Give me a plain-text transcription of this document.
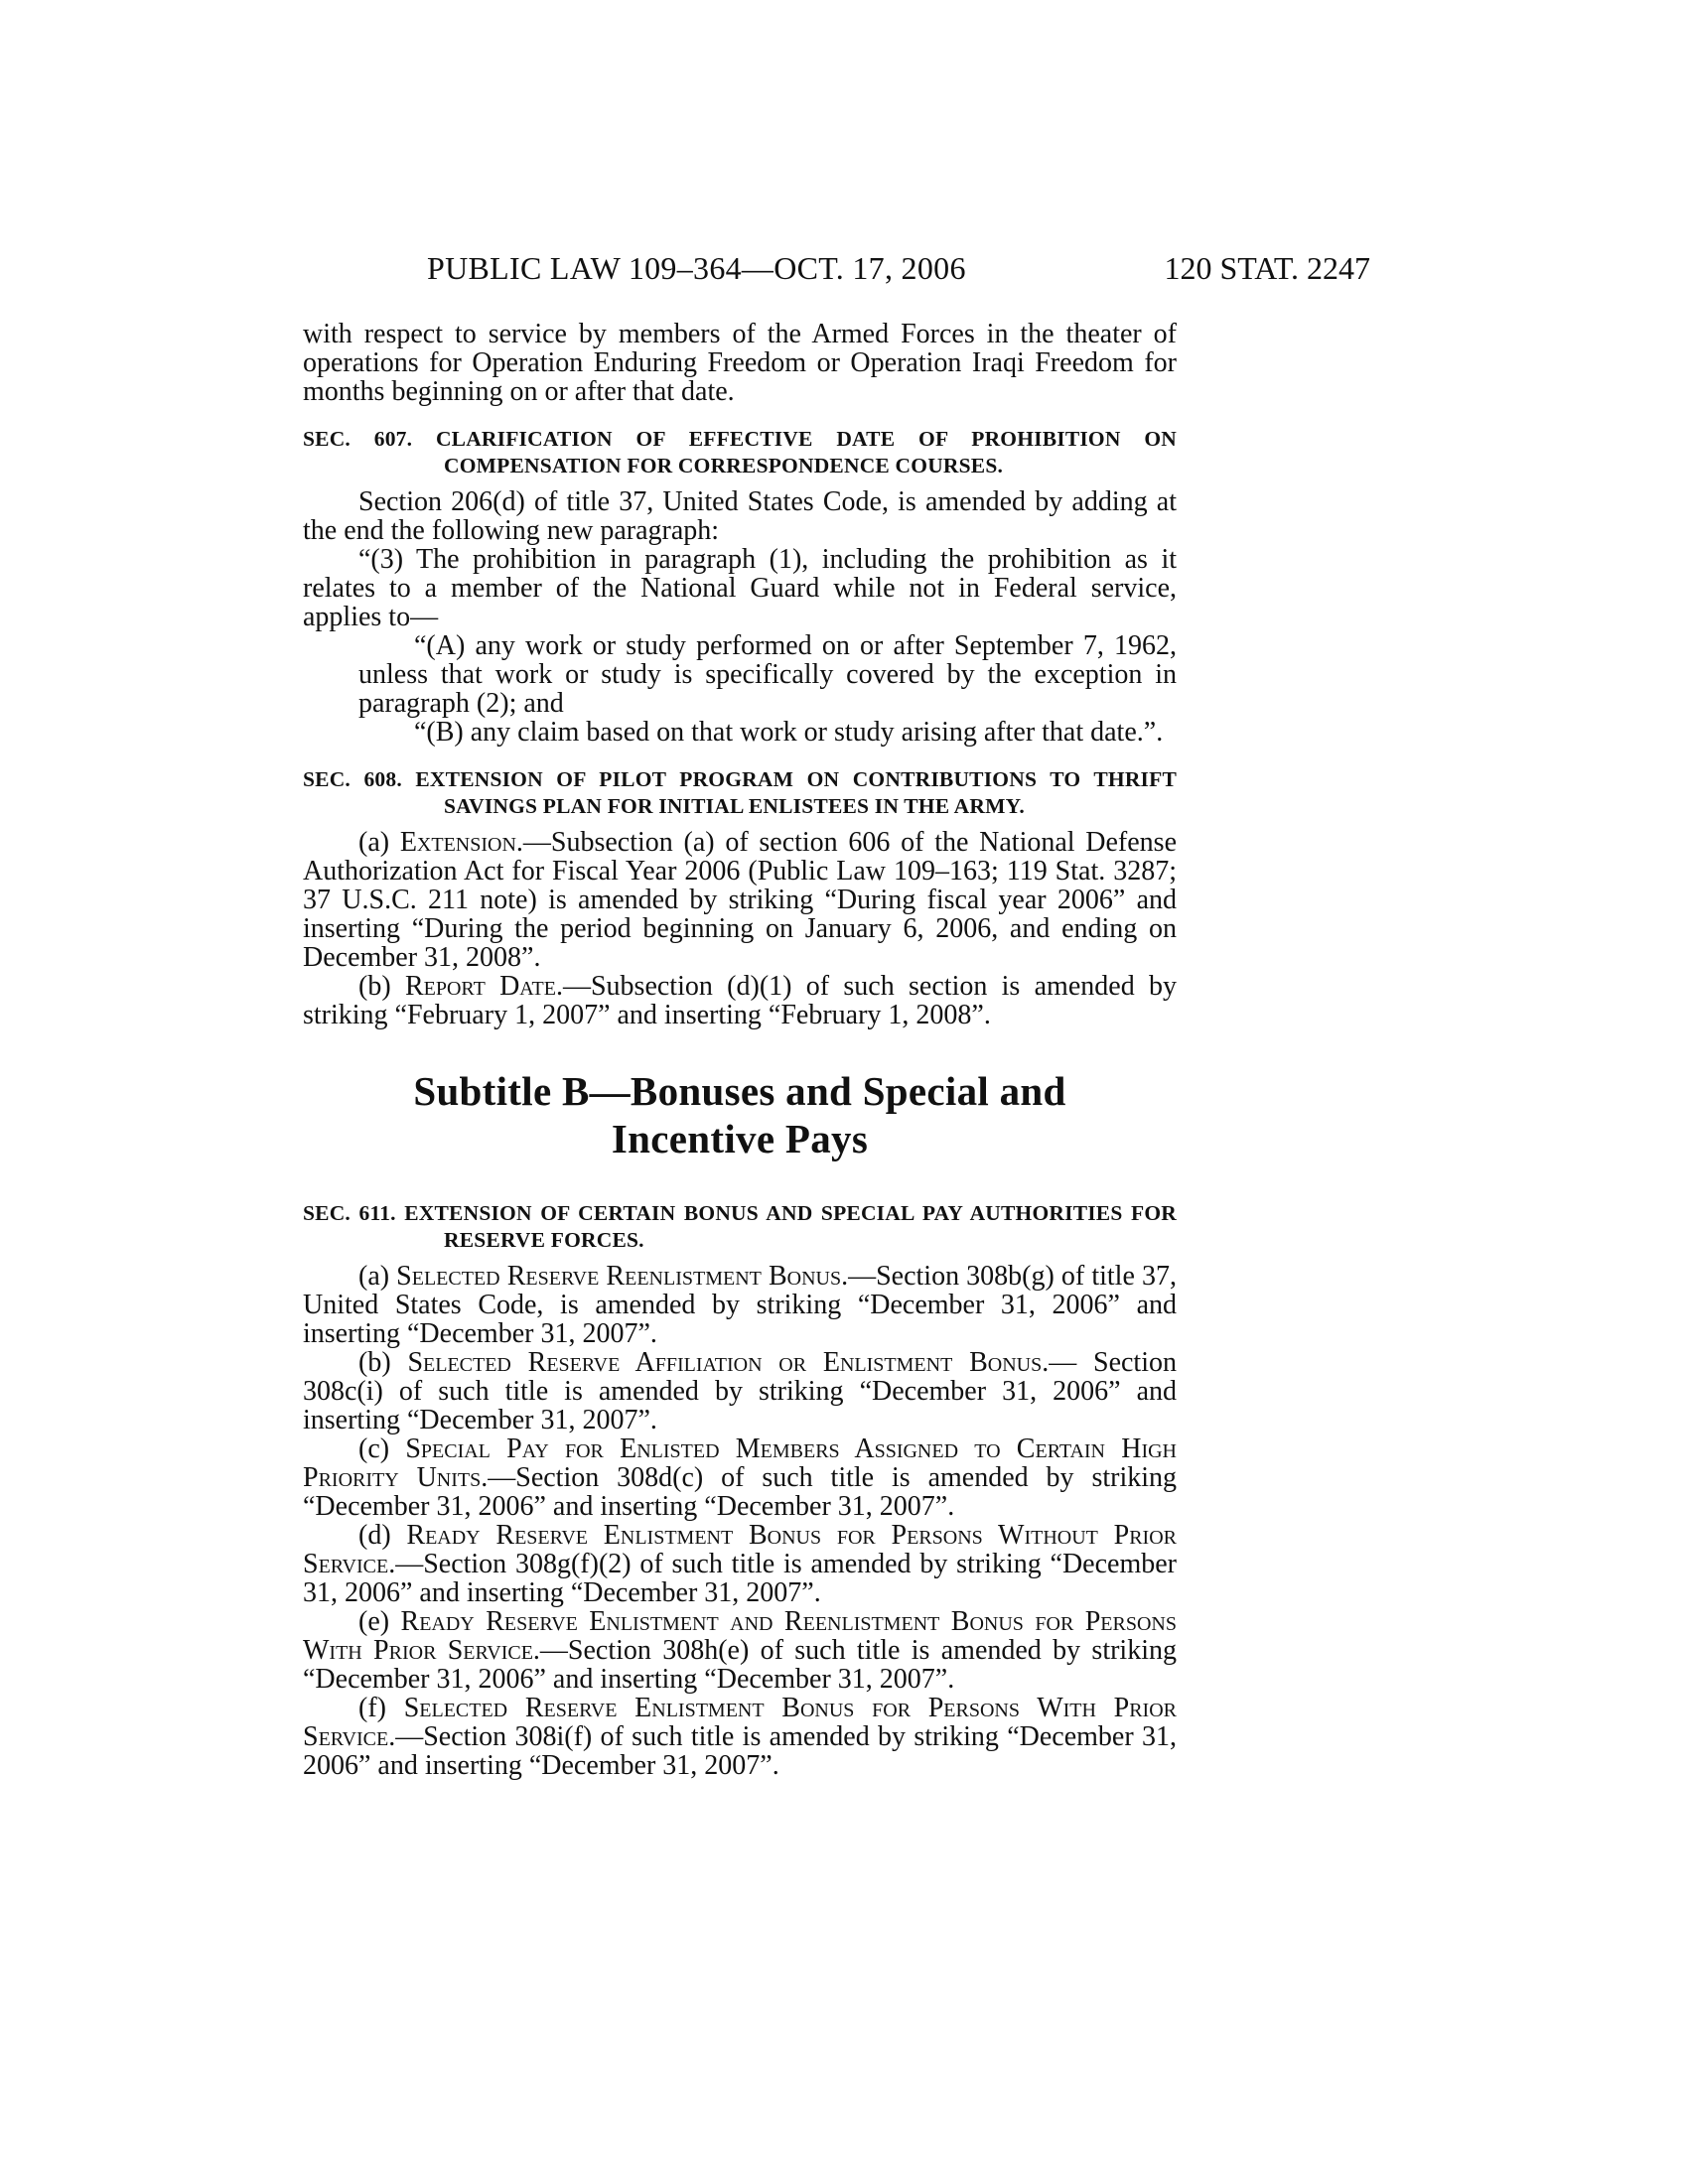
PUBLIC LAW 109–364—OCT. 17, 2006	120 STAT. 2247

with respect to service by members of the Armed Forces in the theater of operations for Operation Enduring Freedom or Operation Iraqi Freedom for months beginning on or after that date.

SEC. 607. CLARIFICATION OF EFFECTIVE DATE OF PROHIBITION ON COMPENSATION FOR CORRESPONDENCE COURSES.

Section 206(d) of title 37, United States Code, is amended by adding at the end the following new paragraph:

“(3) The prohibition in paragraph (1), including the prohibition as it relates to a member of the National Guard while not in Federal service, applies to—

“(A) any work or study performed on or after September 7, 1962, unless that work or study is specifically covered by the exception in paragraph (2); and

“(B) any claim based on that work or study arising after that date.”.

SEC. 608. EXTENSION OF PILOT PROGRAM ON CONTRIBUTIONS TO THRIFT SAVINGS PLAN FOR INITIAL ENLISTEES IN THE ARMY.

(a) Extension.—Subsection (a) of section 606 of the National Defense Authorization Act for Fiscal Year 2006 (Public Law 109–163; 119 Stat. 3287; 37 U.S.C. 211 note) is amended by striking “During fiscal year 2006” and inserting “During the period beginning on January 6, 2006, and ending on December 31, 2008”.

(b) Report Date.—Subsection (d)(1) of such section is amended by striking “February 1, 2007” and inserting “February 1, 2008”.

Subtitle B—Bonuses and Special and

Incentive Pays

SEC. 611. EXTENSION OF CERTAIN BONUS AND SPECIAL PAY AUTHORITIES FOR RESERVE FORCES.

(a) Selected Reserve Reenlistment Bonus.—Section 308b(g) of title 37, United States Code, is amended by striking “December 31, 2006” and inserting “December 31, 2007”.

(b) Selected Reserve Affiliation or Enlistment Bonus.— Section 308c(i) of such title is amended by striking “December 31, 2006” and inserting “December 31, 2007”.

(c) Special Pay for Enlisted Members Assigned to Certain High Priority Units.—Section 308d(c) of such title is amended by striking “December 31, 2006” and inserting “December 31, 2007”.

(d) Ready Reserve Enlistment Bonus for Persons Without Prior Service.—Section 308g(f)(2) of such title is amended by striking “December 31, 2006” and inserting “December 31, 2007”.

(e) Ready Reserve Enlistment and Reenlistment Bonus for Persons With Prior Service.—Section 308h(e) of such title is amended by striking “December 31, 2006” and inserting “December 31, 2007”.

(f) Selected Reserve Enlistment Bonus for Persons With Prior Service.—Section 308i(f) of such title is amended by striking “December 31, 2006” and inserting “December 31, 2007”.
